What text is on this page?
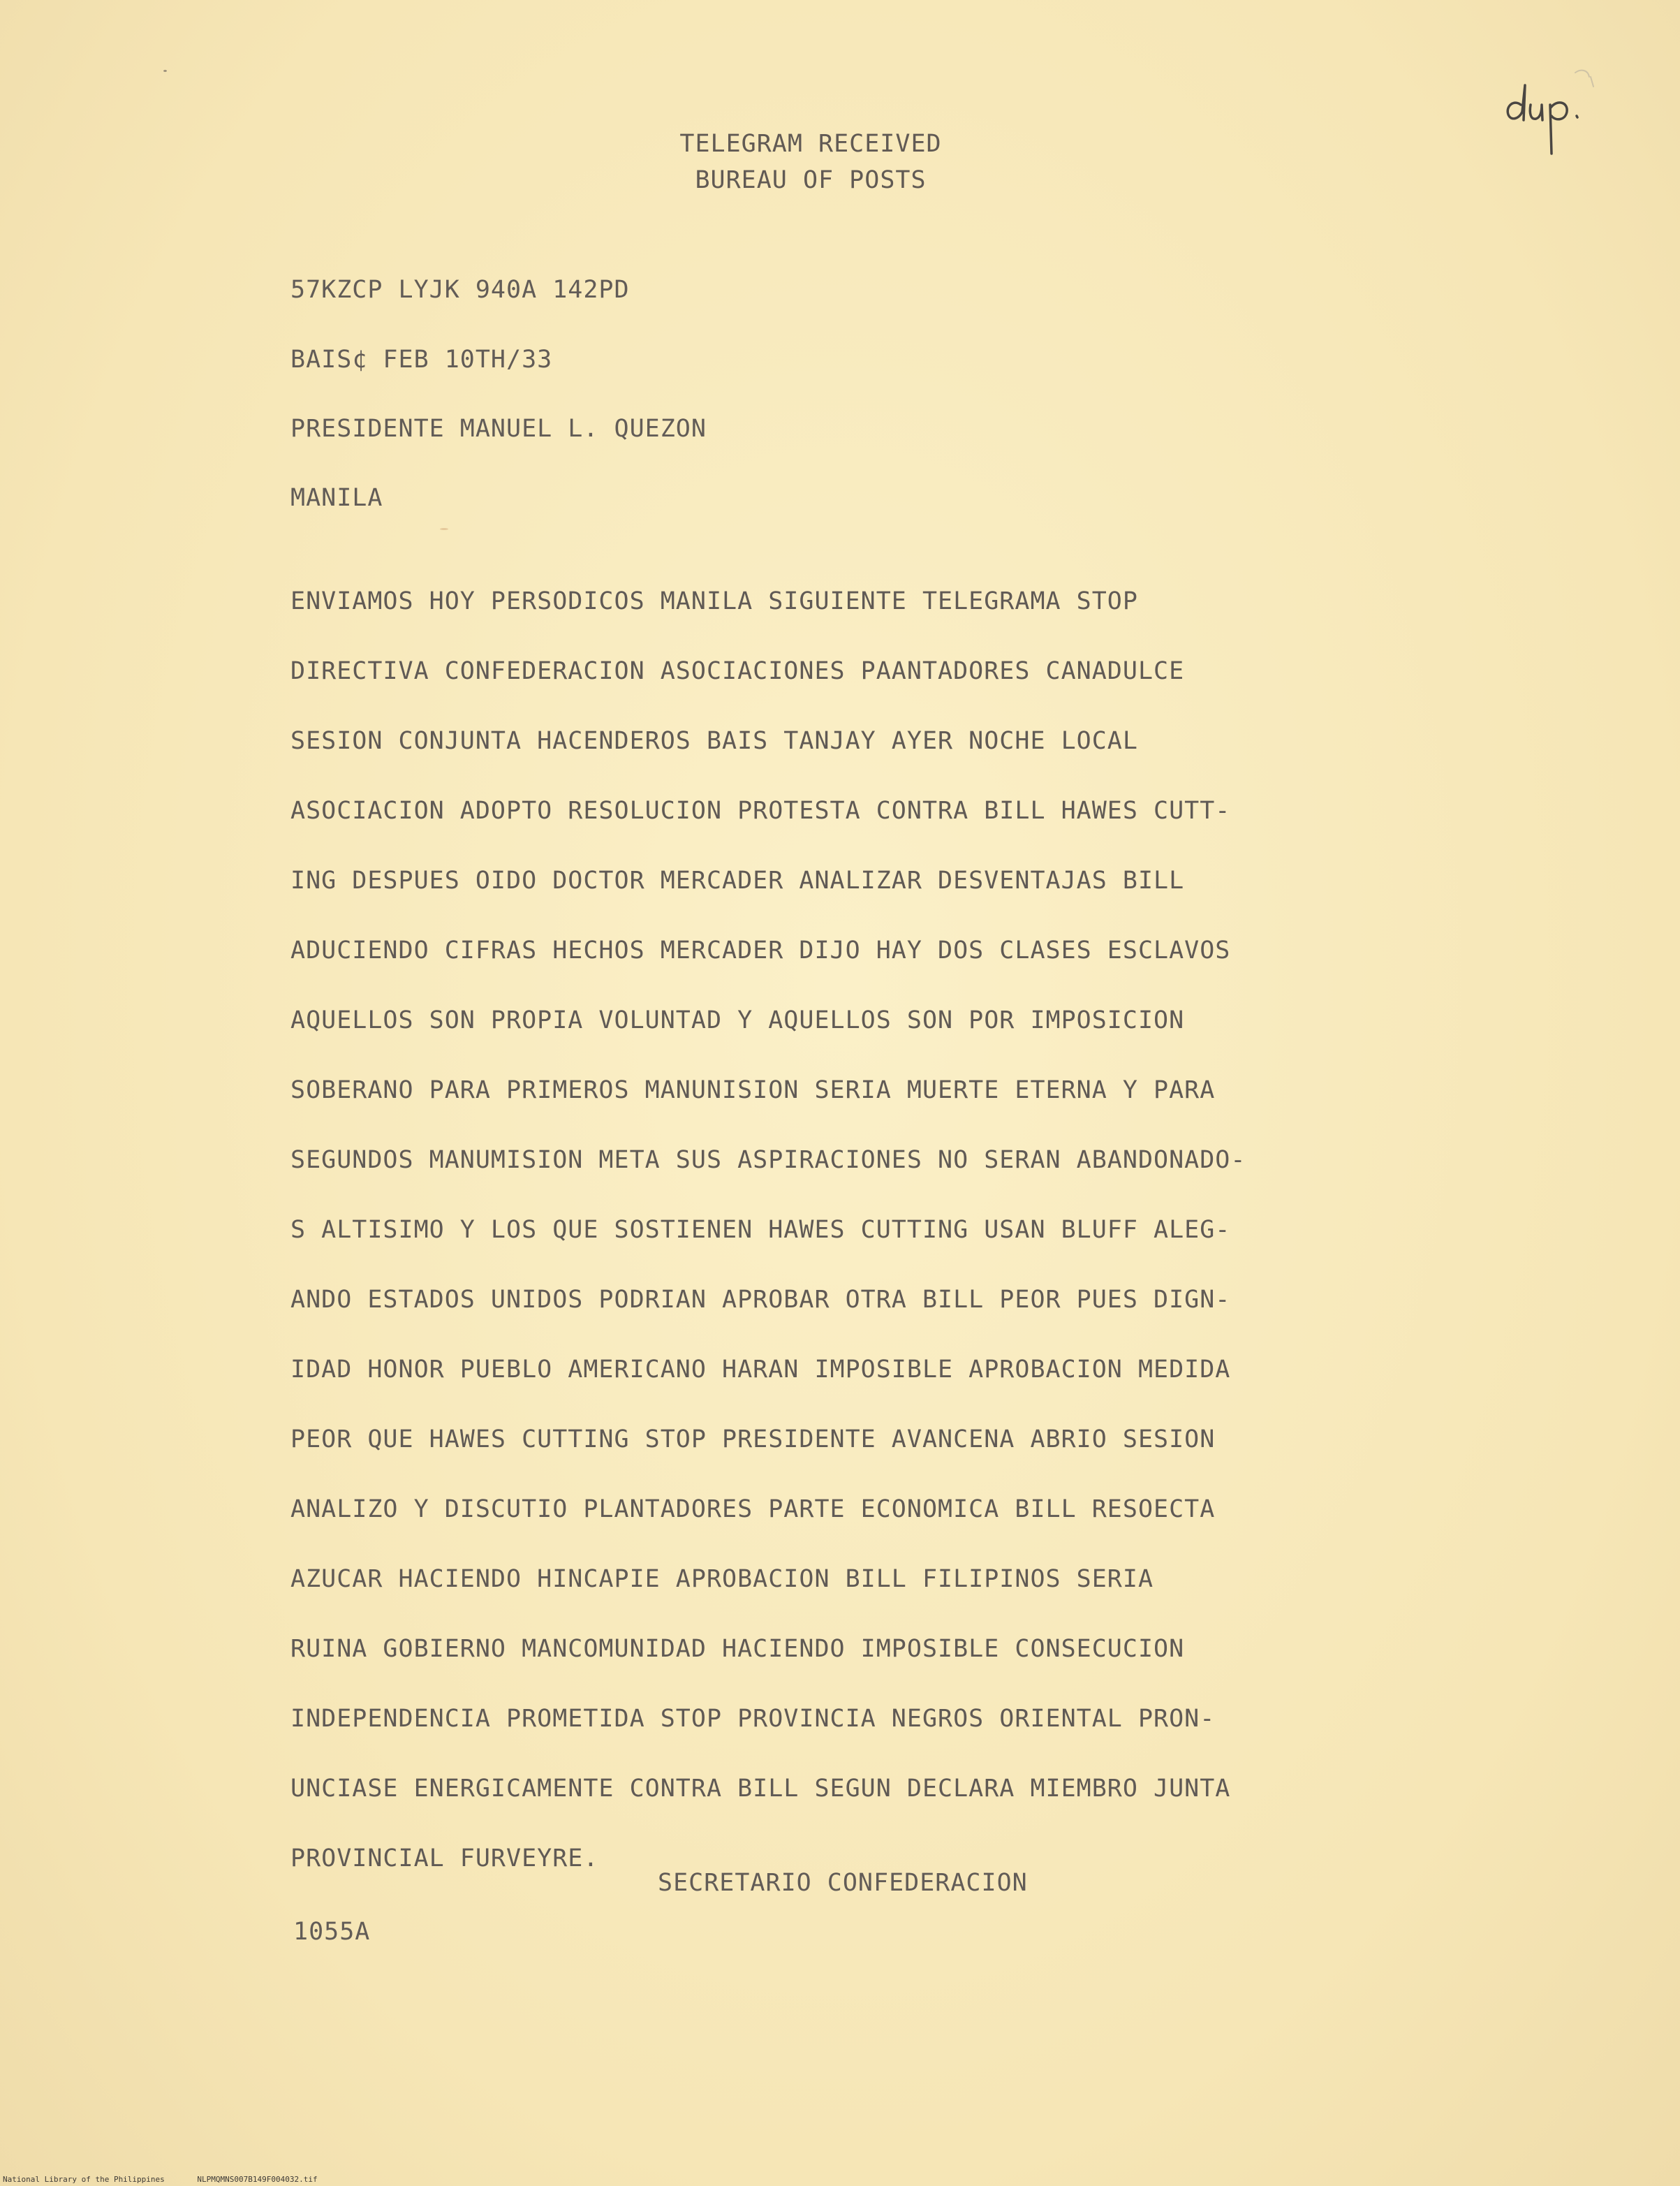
TELEGRAM RECEIVED
BUREAU OF POSTS
57KZCP LYJK 940A 142PD
BAIS¢ FEB 10TH/33
PRESIDENTE MANUEL L. QUEZON
MANILA
ENVIAMOS HOY PERSODICOS MANILA SIGUIENTE TELEGRAMA STOP
DIRECTIVA CONFEDERACION ASOCIACIONES PAANTADORES CANADULCE
SESION CONJUNTA HACENDEROS BAIS TANJAY AYER NOCHE LOCAL
ASOCIACION ADOPTO RESOLUCION PROTESTA CONTRA BILL HAWES CUTT-
ING DESPUES OIDO DOCTOR MERCADER ANALIZAR DESVENTAJAS BILL
ADUCIENDO CIFRAS HECHOS MERCADER DIJO HAY DOS CLASES ESCLAVOS
AQUELLOS SON PROPIA VOLUNTAD Y AQUELLOS SON POR IMPOSICION
SOBERANO PARA PRIMEROS MANUNISION SERIA MUERTE ETERNA Y PARA
SEGUNDOS MANUMISION META SUS ASPIRACIONES NO SERAN ABANDONADO-
S ALTISIMO Y LOS QUE SOSTIENEN HAWES CUTTING USAN BLUFF ALEG-
ANDO ESTADOS UNIDOS PODRIAN APROBAR OTRA BILL PEOR PUES DIGN-
IDAD HONOR PUEBLO AMERICANO HARAN IMPOSIBLE APROBACION MEDIDA
PEOR QUE HAWES CUTTING STOP PRESIDENTE AVANCENA ABRIO SESION
ANALIZO Y DISCUTIO PLANTADORES PARTE ECONOMICA BILL RESOECTA
AZUCAR HACIENDO HINCAPIE APROBACION BILL FILIPINOS SERIA
RUINA GOBIERNO MANCOMUNIDAD HACIENDO IMPOSIBLE CONSECUCION
INDEPENDENCIA PROMETIDA STOP PROVINCIA NEGROS ORIENTAL PRON-
UNCIASE ENERGICAMENTE CONTRA BILL SEGUN DECLARA MIEMBRO JUNTA
PROVINCIAL FURVEYRE.
SECRETARIO CONFEDERACION
1055A
National Library of the Philippines	NLPMQMNS007B149F004032.tif
